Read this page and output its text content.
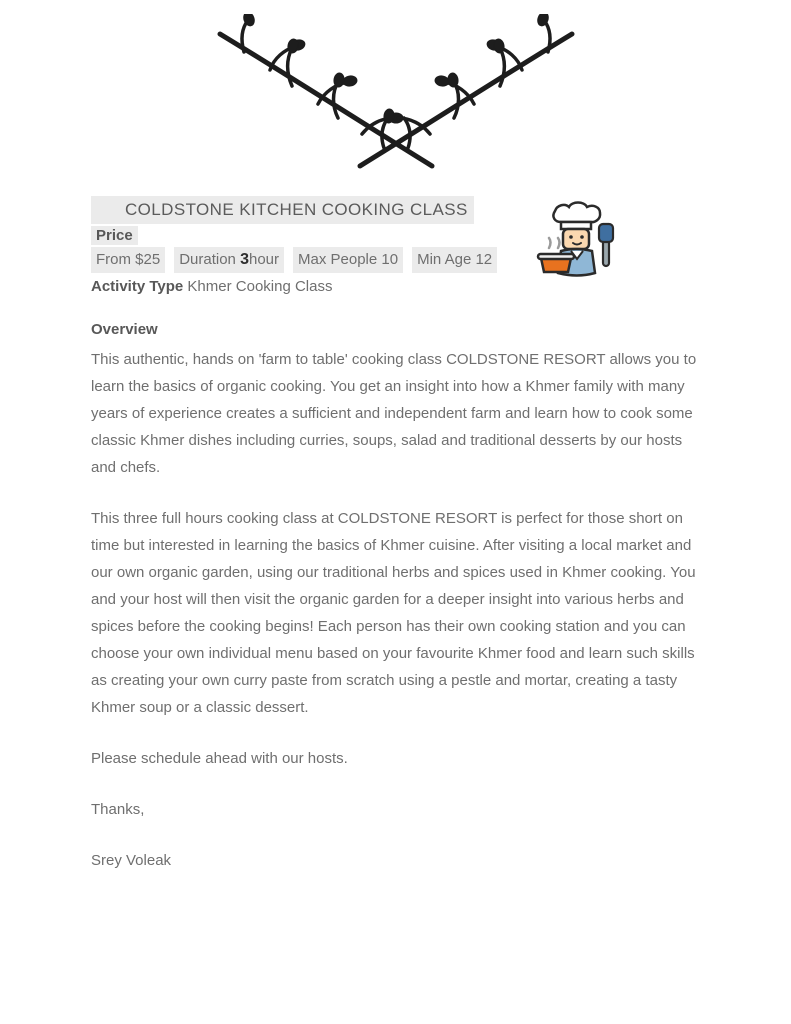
COLDSTONE KITCHEN COOKING CLASS
Price
From $25 Duration 3hour Max People 10 Min Age 12
Activity Type Khmer Cooking Class
Overview

This authentic, hands on 'farm to table' cooking class COLDSTONE RESORT allows you to learn the basics of organic cooking. You get an insight into how a Khmer family with many years of experience creates a sufficient and independent farm and learn how to cook some classic Khmer dishes including curries, soups, salad and traditional desserts by our hosts and chefs.

This three full hours cooking class at COLDSTONE RESORT is perfect for those short on time but interested in learning the basics of Khmer cuisine. After visiting a local market and our own organic garden, using our traditional herbs and spices used in Khmer cooking. You and your host will then visit the organic garden for a deeper insight into various herbs and spices before the cooking begins! Each person has their own cooking station and you can choose your own individual menu based on your favourite Khmer food and learn such skills as creating your own curry paste from scratch using a pestle and mortar, creating a tasty Khmer soup or a classic dessert.

Please schedule ahead with our hosts.

Thanks,

Srey Voleak
